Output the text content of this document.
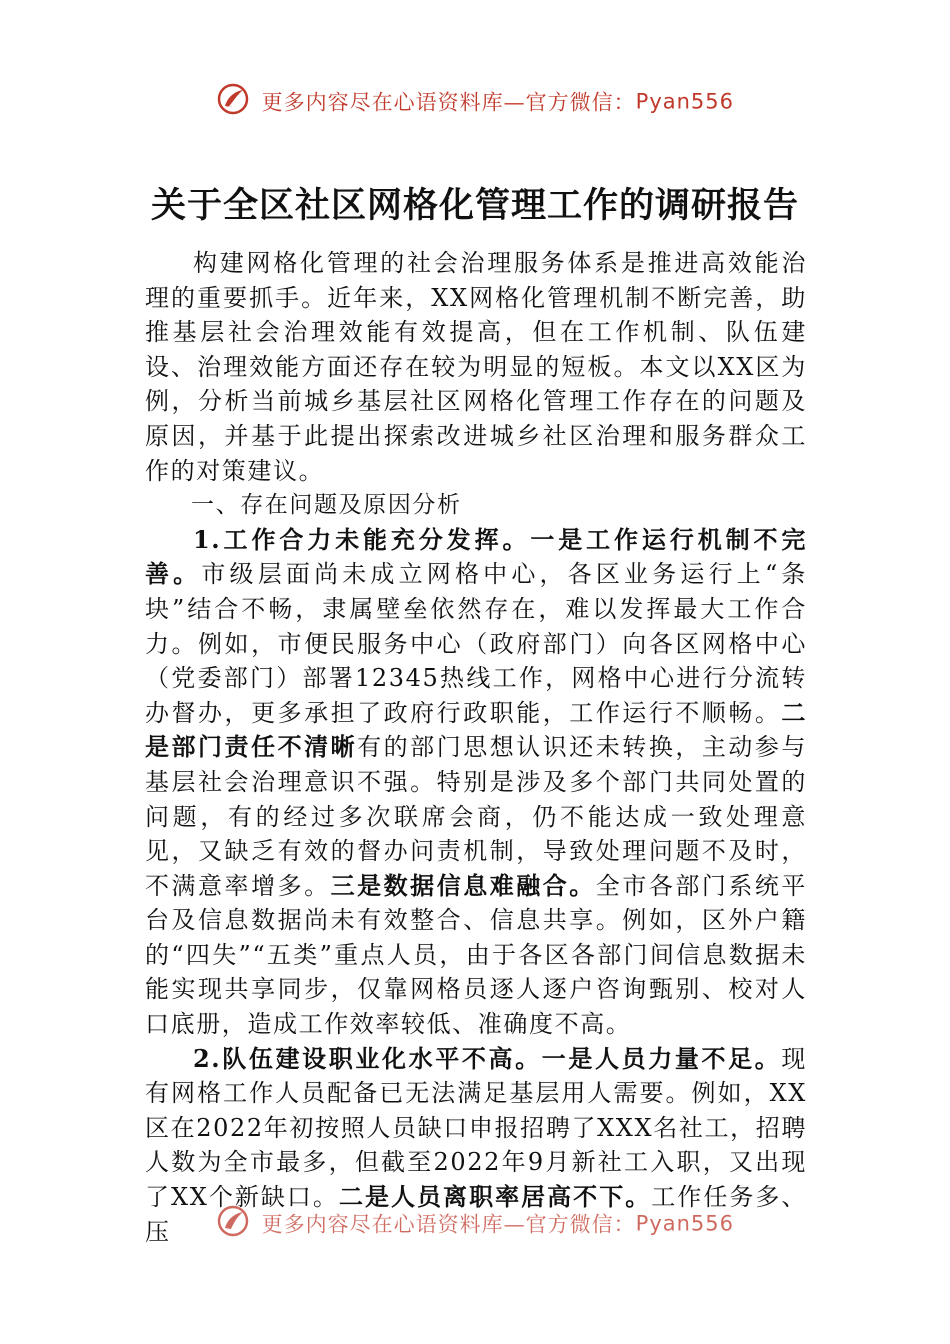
更多内容尽在心语资料库—官方微信：Pyan556
关于全区社区网格化管理工作的调研报告

构建网格化管理的社会治理服务体系是推进高效能治理的重要抓手。近年来，XX网格化管理机制不断完善，助推基层社会治理效能有效提高，但在工作机制、队伍建设、治理效能方面还存在较为明显的短板。本文以XX区为例，分析当前城乡基层社区网格化管理工作存在的问题及原因，并基于此提出探索改进城乡社区治理和服务群众工作的对策建议。

一、存在问题及原因分析

1.工作合力未能充分发挥。一是工作运行机制不完善。市级层面尚未成立网格中心，各区业务运行上“条块”结合不畅，隶属壁垒依然存在，难以发挥最大工作合力。例如，市便民服务中心（政府部门）向各区网格中心（党委部门）部署12345热线工作，网格中心进行分流转办督办，更多承担了政府行政职能，工作运行不顺畅。二是部门责任不清晰有的部门思想认识还未转换，主动参与基层社会治理意识不强。特别是涉及多个部门共同处置的问题，有的经过多次联席会商，仍不能达成一致处理意见，又缺乏有效的督办问责机制，导致处理问题不及时，不满意率增多。三是数据信息难融合。全市各部门系统平台及信息数据尚未有效整合、信息共享。例如，区外户籍的“四失”“五类”重点人员，由于各区各部门间信息数据未能实现共享同步，仅靠网格员逐人逐户咨询甄别、校对人口底册，造成工作效率较低、准确度不高。

2.队伍建设职业化水平不高。一是人员力量不足。现有网格工作人员配备已无法满足基层用人需要。例如，XX区在2022年初按照人员缺口申报招聘了XXX名社工，招聘人数为全市最多，但截至2022年9月新社工入职，又出现了XX个新缺口。二是人员离职率居高不下。工作任务多、压	更多内容尽在心语资料库—官方微信：Pyan556
